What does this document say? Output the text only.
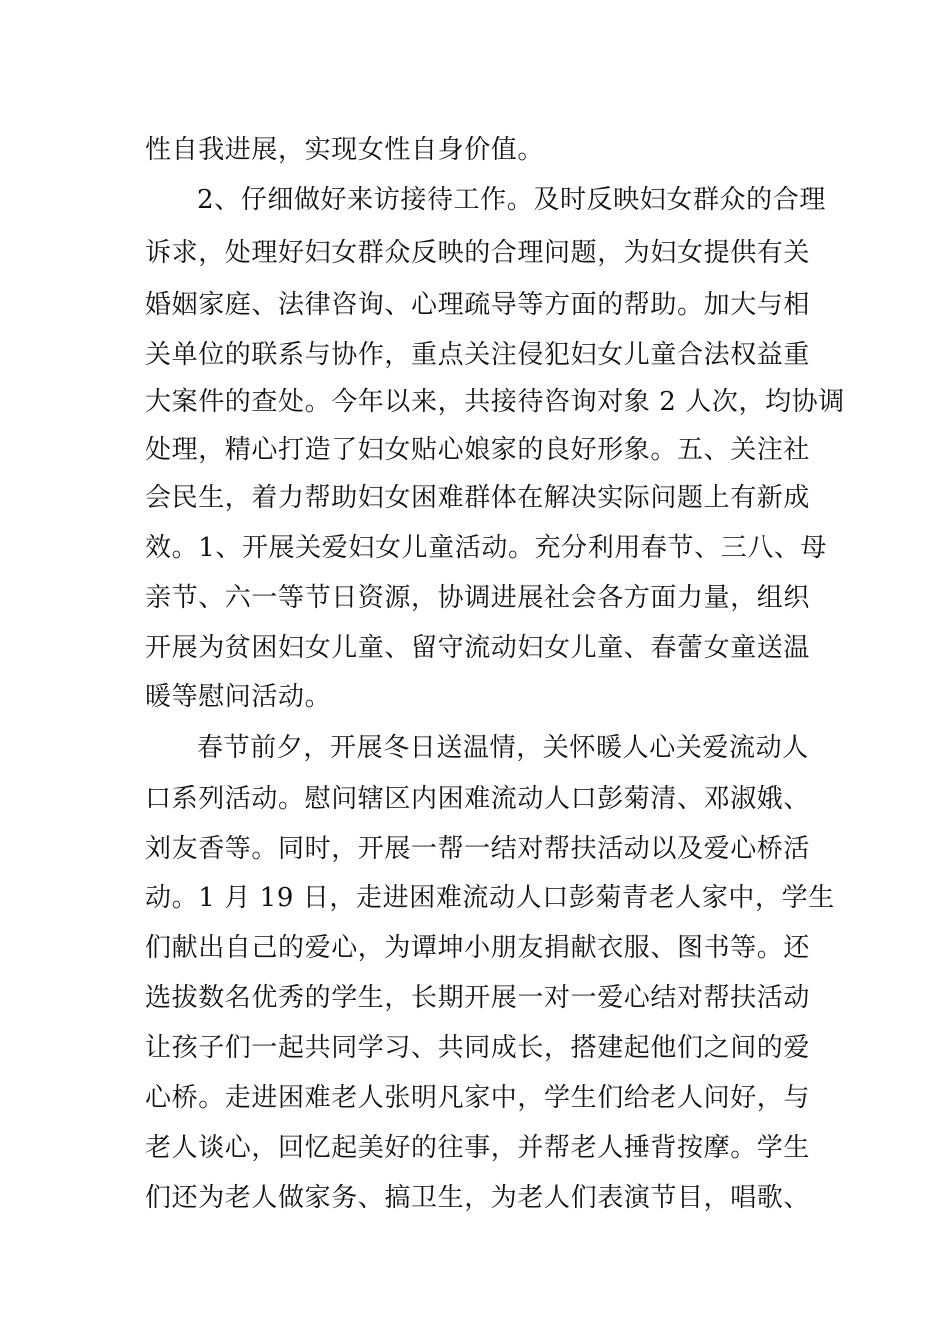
性自我进展，实现女性自身价值。
2、仔细做好来访接待工作。及时反映妇女群众的合理
诉求，处理好妇女群众反映的合理问题，为妇女提供有关
婚姻家庭、法律咨询、心理疏导等方面的帮助。加大与相
关单位的联系与协作，重点关注侵犯妇女儿童合法权益重
大案件的查处。今年以来，共接待咨询对象 2 人次，均协调
处理，精心打造了妇女贴心娘家的良好形象。五、关注社
会民生，着力帮助妇女困难群体在解决实际问题上有新成
效。1、开展关爱妇女儿童活动。充分利用春节、三八、母
亲节、六一等节日资源，协调进展社会各方面力量，组织
开展为贫困妇女儿童、留守流动妇女儿童、春蕾女童送温
暖等慰问活动。
春节前夕，开展冬日送温情，关怀暖人心关爱流动人
口系列活动。慰问辖区内困难流动人口彭菊清、邓淑娥、
刘友香等。同时，开展一帮一结对帮扶活动以及爱心桥活
动。1 月 19 日，走进困难流动人口彭菊青老人家中，学生
们献出自己的爱心，为谭坤小朋友捐献衣服、图书等。还
选拔数名优秀的学生，长期开展一对一爱心结对帮扶活动
让孩子们一起共同学习、共同成长，搭建起他们之间的爱
心桥。走进困难老人张明凡家中，学生们给老人问好，与
老人谈心，回忆起美好的往事，并帮老人捶背按摩。学生
们还为老人做家务、搞卫生，为老人们表演节目，唱歌、
